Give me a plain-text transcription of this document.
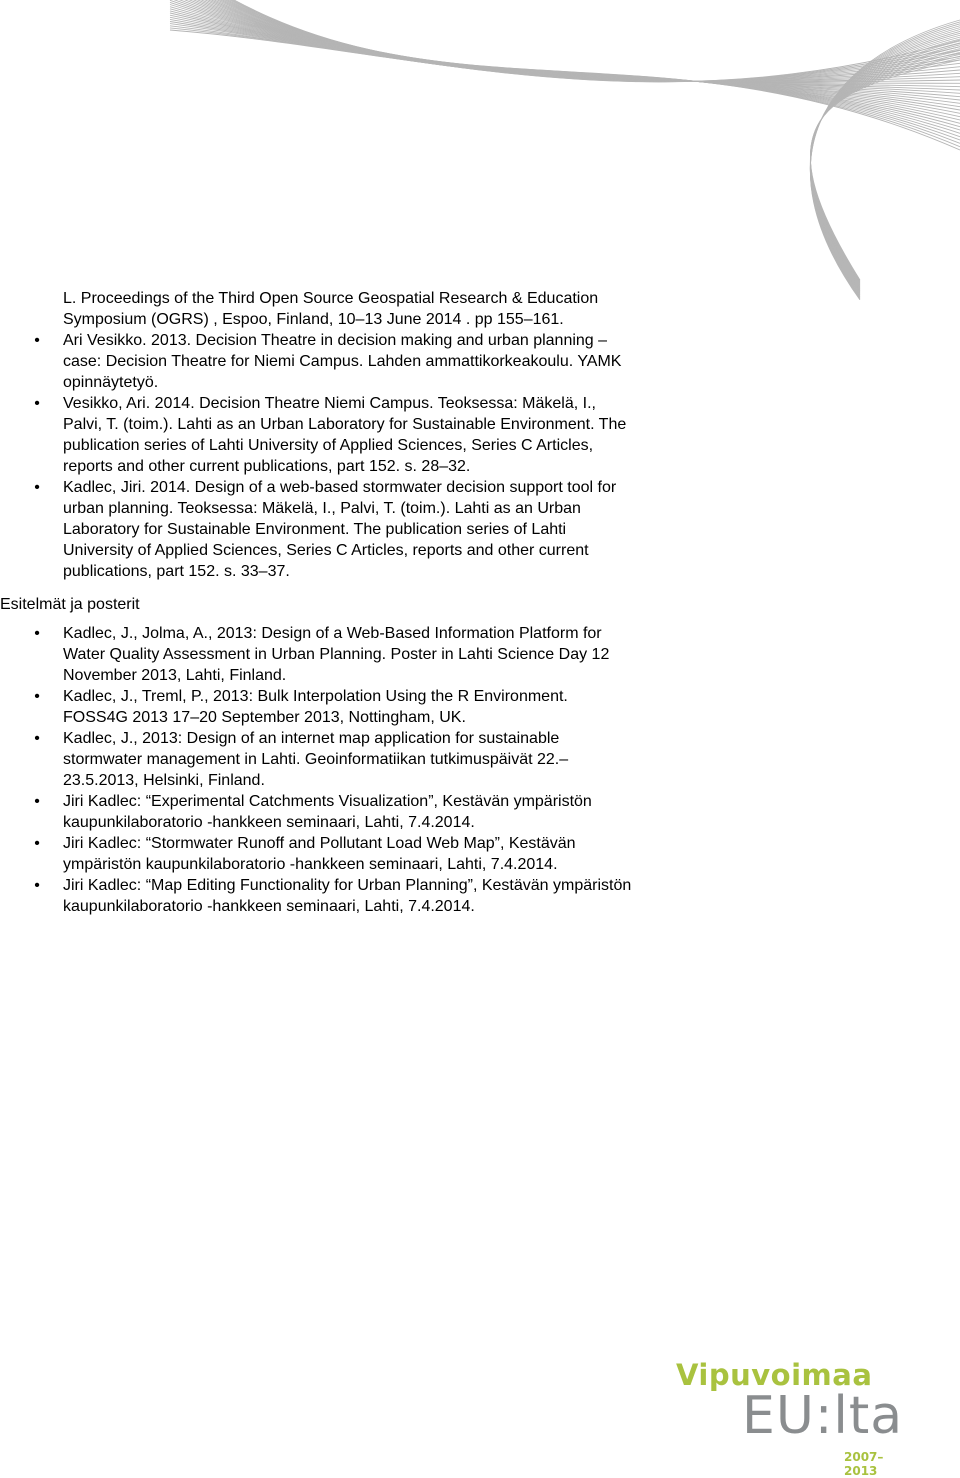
L. Proceedings of the Third Open Source Geospatial Research & Education
Symposium (OGRS) , Espoo, Finland, 10–13 June 2014 . pp 155–161.
• Ari Vesikko. 2013. Decision Theatre in decision making and urban planning –
case: Decision Theatre for Niemi Campus. Lahden ammattikorkeakoulu. YAMK
opinnäytetyö.
• Vesikko, Ari. 2014. Decision Theatre Niemi Campus. Teoksessa: Mäkelä, I.,
Palvi, T. (toim.). Lahti as an Urban Laboratory for Sustainable Environment. The
publication series of Lahti University of Applied Sciences, Series C Articles,
reports and other current publications, part 152. s. 28–32.
• Kadlec, Jiri. 2014. Design of a web-based stormwater decision support tool for
urban planning. Teoksessa: Mäkelä, I., Palvi, T. (toim.). Lahti as an Urban
Laboratory for Sustainable Environment. The publication series of Lahti
University of Applied Sciences, Series C Articles, reports and other current
publications, part 152. s. 33–37.
Esitelmät ja posterit
• Kadlec, J., Jolma, A., 2013: Design of a Web-Based Information Platform for
Water Quality Assessment in Urban Planning. Poster in Lahti Science Day 12
November 2013, Lahti, Finland.
• Kadlec, J., Treml, P., 2013: Bulk Interpolation Using the R Environment.
FOSS4G 2013 17–20 September 2013, Nottingham, UK.
• Kadlec, J., 2013: Design of an internet map application for sustainable
stormwater management in Lahti. Geoinformatiikan tutkimuspäivät 22.–
23.5.2013, Helsinki, Finland.
• Jiri Kadlec: “Experimental Catchments Visualization”, Kestävän ympäristön
kaupunkilaboratorio -hankkeen seminaari, Lahti, 7.4.2014.
• Jiri Kadlec: “Stormwater Runoff and Pollutant Load Web Map”, Kestävän
ympäristön kaupunkilaboratorio -hankkeen seminaari, Lahti, 7.4.2014.
• Jiri Kadlec: “Map Editing Functionality for Urban Planning”, Kestävän ympäristön
kaupunkilaboratorio -hankkeen seminaari, Lahti, 7.4.2014.
Vipuvoimaa
EU:lta
2007–2013
